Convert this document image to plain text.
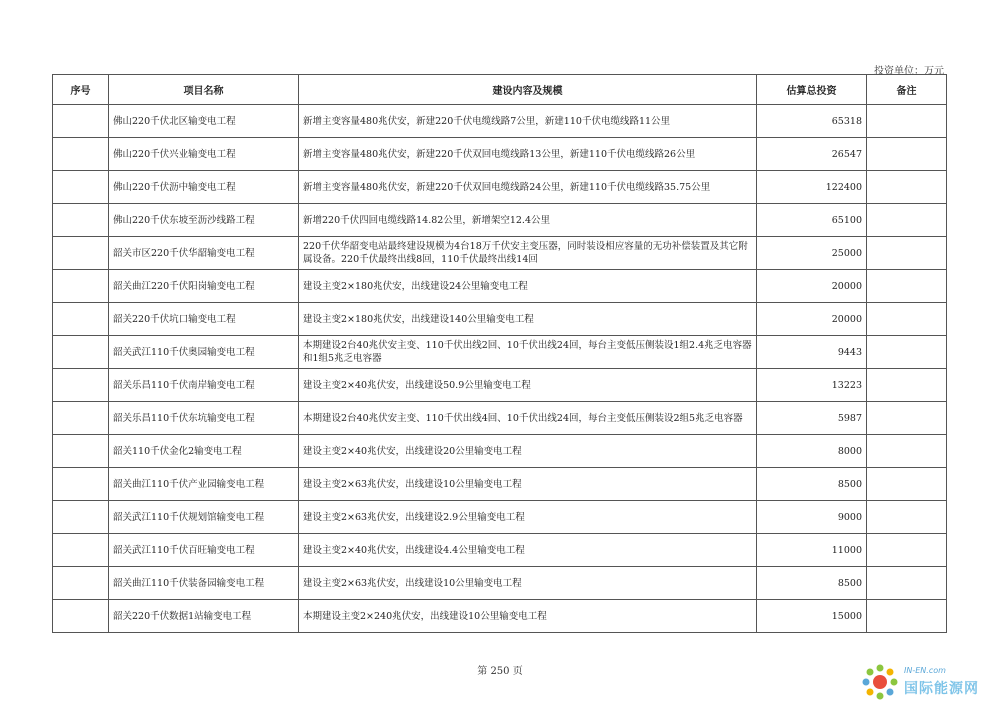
投资单位：万元
序号	项目名称	建设内容及规模	估算总投资	备注
	佛山220千伏北区输变电工程	新增主变容量480兆伏安，新建220千伏电缆线路7公里，新建110千伏电缆线路11公里	65318	
	佛山220千伏兴业输变电工程	新增主变容量480兆伏安，新建220千伏双回电缆线路13公里，新建110千伏电缆线路26公里	26547	
	佛山220千伏沥中输变电工程	新增主变容量480兆伏安，新建220千伏双回电缆线路24公里，新建110千伏电缆线路35.75公里	122400	
	佛山220千伏东坡至沥沙线路工程	新增220千伏四回电缆线路14.82公里，新增架空12.4公里	65100	
	韶关市区220千伏华韶输变电工程	220千伏华韶变电站最终建设规模为4台18万千伏安主变压器，同时装设相应容量的无功补偿装置及其它附属设备。220千伏最终出线8回，110千伏最终出线14回	25000	
	韶关曲江220千伏阳岗输变电工程	建设主变2×180兆伏安，出线建设24公里输变电工程	20000	
	韶关220千伏坑口输变电工程	建设主变2×180兆伏安，出线建设140公里输变电工程	20000	
	韶关武江110千伏奥园输变电工程	本期建设2台40兆伏安主变、110千伏出线2回、10千伏出线24回，每台主变低压侧装设1组2.4兆乏电容器和1组5兆乏电容器	9443	
	韶关乐昌110千伏南岸输变电工程	建设主变2×40兆伏安，出线建设50.9公里输变电工程	13223	
	韶关乐昌110千伏东坑输变电工程	本期建设2台40兆伏安主变、110千伏出线4回、10千伏出线24回，每台主变低压侧装设2组5兆乏电容器	5987	
	韶关110千伏金化2输变电工程	建设主变2×40兆伏安，出线建设20公里输变电工程	8000	
	韶关曲江110千伏产业园输变电工程	建设主变2×63兆伏安，出线建设10公里输变电工程	8500	
	韶关武江110千伏规划馆输变电工程	建设主变2×63兆伏安，出线建设2.9公里输变电工程	9000	
	韶关武江110千伏百旺输变电工程	建设主变2×40兆伏安，出线建设4.4公里输变电工程	11000	
	韶关曲江110千伏装备园输变电工程	建设主变2×63兆伏安，出线建设10公里输变电工程	8500	
	韶关220千伏数据1站输变电工程	本期建设主变2×240兆伏安，出线建设10公里输变电工程	15000	
第 250 页	IN-EN.com
国际能源网
